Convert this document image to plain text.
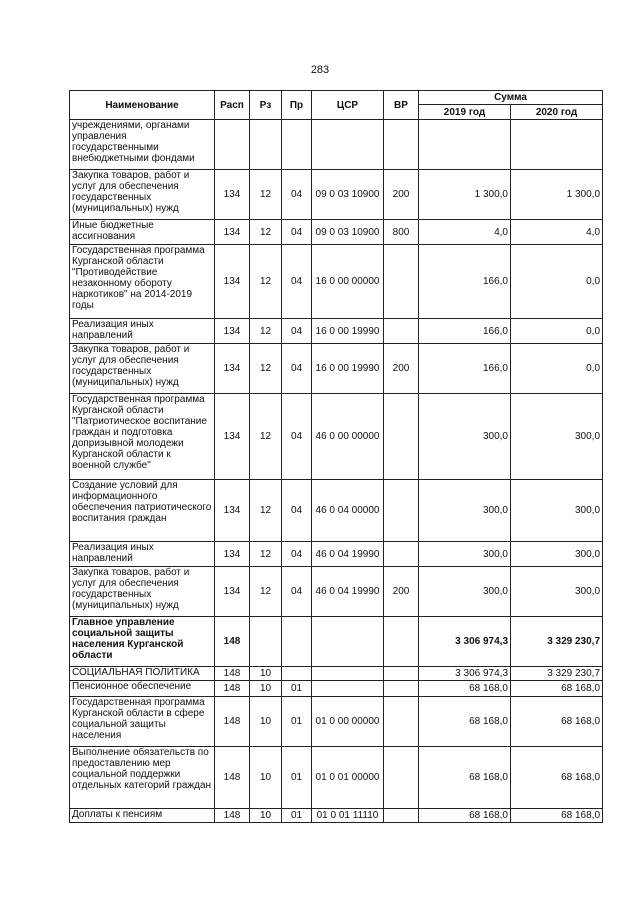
283
Наименование	Расп	Рз	Пр	ЦСР	ВР	Сумма	
						2019 год	2020 год
учреждениями, органами управления государственными внебюджетными фондами							
Закупка товаров, работ и услуг для обеспечения государственных (муниципальных) нужд	134	12	04	09 0 03 10900	200	1 300,0	1 300,0
Иные бюджетные ассигнования	134	12	04	09 0 03 10900	800	4,0	4,0
Государственная программа Курганской области "Противодействие незаконному обороту наркотиков" на 2014-2019 годы	134	12	04	16 0 00 00000		166,0	0,0
Реализация иных направлений	134	12	04	16 0 00 19990		166,0	0,0
Закупка товаров, работ и услуг для обеспечения государственных (муниципальных) нужд	134	12	04	16 0 00 19990	200	166,0	0,0
Государственная программа Курганской области "Патриотическое воспитание граждан и подготовка допризывной молодежи Курганской области к военной службе"	134	12	04	46 0 00 00000		300,0	300,0
Создание условий для информационного обеспечения патриотического воспитания граждан	134	12	04	46 0 04 00000		300,0	300,0
Реализация иных направлений	134	12	04	46 0 04 19990		300,0	300,0
Закупка товаров, работ и услуг для обеспечения государственных (муниципальных) нужд	134	12	04	46 0 04 19990	200	300,0	300,0
Главное управление социальной защиты населения Курганской области	148					3 306 974,3	3 329 230,7
СОЦИАЛЬНАЯ ПОЛИТИКА	148	10				3 306 974,3	3 329 230,7
Пенсионное обеспечение	148	10	01			68 168,0	68 168,0
Государственная программа Курганской области в сфере социальной защиты населения	148	10	01	01 0 00 00000		68 168,0	68 168,0
Выполнение обязательств по предоставлению мер социальной поддержки отдельных категорий граждан	148	10	01	01 0 01 00000		68 168,0	68 168,0
Доплаты к пенсиям	148	10	01	01 0 01 11110		68 168,0	68 168,0
